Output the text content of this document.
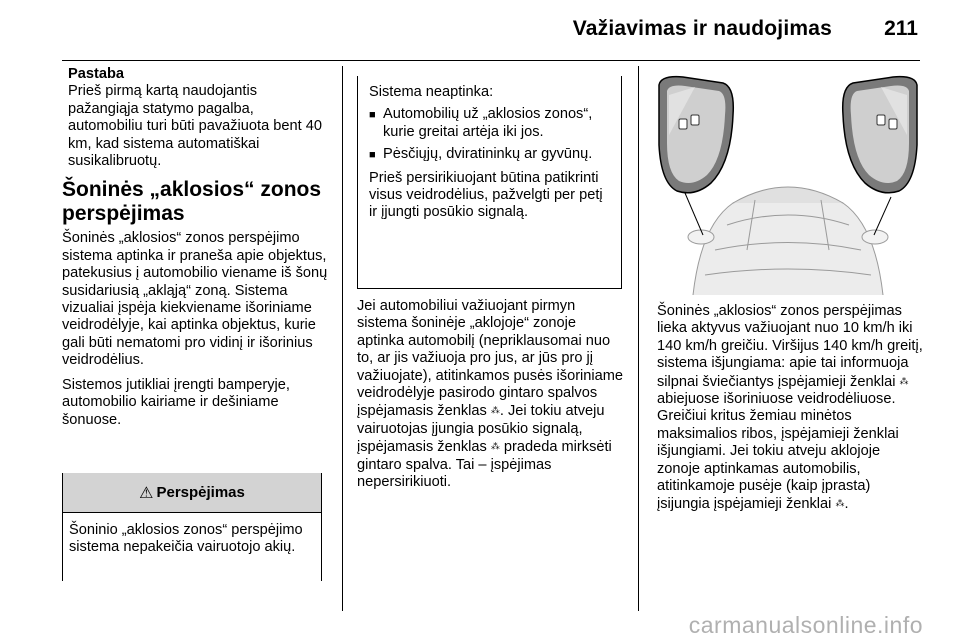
Važiavimas ir naudojimas	211
Pastaba

Prieš pirmą kartą naudojantis pažangiąja statymo pagalba, automobiliu turi būti pavažiuota bent 40 km, kad sistema automatiškai susikalibruotų.

Šoninės „aklosios“ zonos perspėjimas

Šoninės „aklosios“ zonos perspėjimo sistema aptinka ir praneša apie objektus, patekusius į automobilio viename iš šonų susidariusią „akląją“ zoną. Sistema vizualiai įspėja kiekviename išoriniame veidrodėlyje, kai aptinka objektus, kurie gali būti nematomi pro vidinį ir išorinius veidrodėlius.

Sistemos jutikliai įrengti bamperyje, automobilio kairiame ir dešiniame šonuose.

⚠ Perspėjimas
Šoninio „aklosios zonos“ perspėjimo sistema nepakeičia vairuotojo akių.

Sistema neaptinka:

■ Automobilių už „aklosios zonos“, kurie greitai artėja iki jos.
■ Pėsčiųjų, dviratininkų ar gyvūnų.

Prieš persirikiuojant būtina patikrinti visus veidrodėlius, pažvelgti per petį ir įjungti posūkio signalą.

Jei automobiliui važiuojant pirmyn sistema šoninėje „aklojoje“ zonoje aptinka automobilį (nepriklausomai nuo to, ar jis važiuoja pro jus, ar jūs pro jį važiuojate), atitinkamos pusės išoriniame veidrodėlyje pasirodo gintaro spalvos įspėjamasis ženklas ⁂. Jei tokiu atveju vairuotojas įjungia posūkio signalą, įspėjamasis ženklas ⁂ pradeda mirksėti gintaro spalva. Tai – įspėjimas nepersirikiuoti.

Šoninės „aklosios“ zonos perspėjimas lieka aktyvus važiuojant nuo 10 km/h iki 140 km/h greičiu. Viršijus 140 km/h greitį, sistema išjungiama: apie tai informuoja silpnai šviečiantys įspėjamieji ženklai ⁂ abiejuose išoriniuose veidrodėliuose. Greičiui kritus žemiau minėtos maksimalios ribos, įspėjamieji ženklai išjungiami. Jei tokiu atveju aklojoje zonoje aptinkamas automobilis, atitinkamoje pusėje (kaip įprasta) įsijungia įspėjamieji ženklai ⁂.

carmanualsonline.info
